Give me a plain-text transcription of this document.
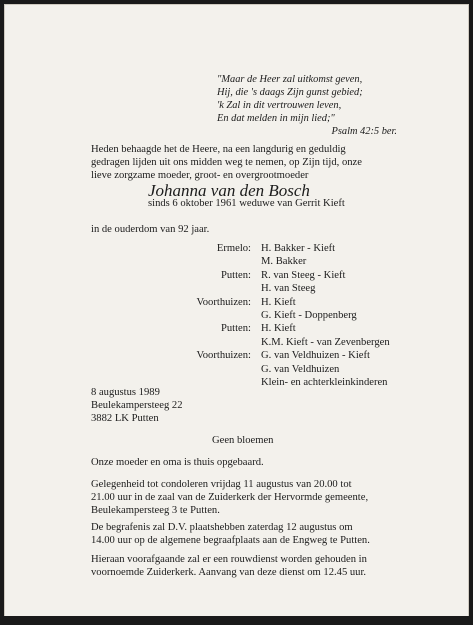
"Maar de Heer zal uitkomst geven,
Hij, die 's daags Zijn gunst gebied;
'k Zal in dit vertrouwen leven,
En dat melden in mijn lied;"
Psalm 42:5 ber.
Heden behaagde het de Heere, na een langdurig en geduldig
gedragen lijden uit ons midden weg te nemen, op Zijn tijd, onze
lieve zorgzame moeder, groot- en overgrootmoeder
Johanna van den Bosch
sinds 6 oktober 1961 weduwe van Gerrit Kieft
in de ouderdom van 92 jaar.
Ermelo:	H. Bakker - Kieft
	M. Bakker
Putten:	R. van Steeg - Kieft
	H. van Steeg
Voorthuizen:	H. Kieft
	G. Kieft - Doppenberg
Putten:	H. Kieft
	K.M. Kieft - van Zevenbergen
Voorthuizen:	G. van Veldhuizen - Kieft
	G. van Veldhuizen
	Klein- en achterkleinkinderen
8 augustus 1989
Beulekampersteeg 22
3882 LK Putten
Geen bloemen
Onze moeder en oma is thuis opgebaard.
Gelegenheid tot condoleren vrijdag 11 augustus van 20.00 tot
21.00 uur in de zaal van de Zuiderkerk der Hervormde gemeente,
Beulekampersteeg 3 te Putten.
De begrafenis zal D.V. plaatshebben zaterdag 12 augustus om
14.00 uur op de algemene begraafplaats aan de Engweg te Putten.
Hieraan voorafgaande zal er een rouwdienst worden gehouden in
voornoemde Zuiderkerk. Aanvang van deze dienst om 12.45 uur.
